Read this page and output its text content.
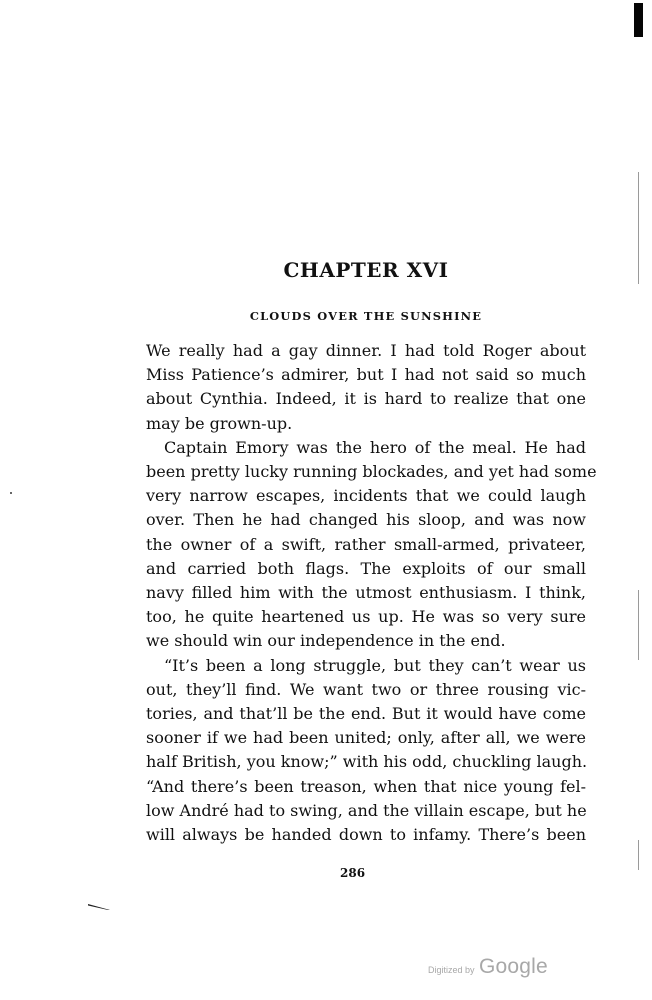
CHAPTER XVI
CLOUDS OVER THE SUNSHINE

We really had a gay dinner. I had told Roger about
Miss Patience’s admirer, but I had not said so much
about Cynthia. Indeed, it is hard to realize that one
may be grown-up.

Captain Emory was the hero of the meal. He had
been pretty lucky running blockades, and yet had some
very narrow escapes, incidents that we could laugh
over. Then he had changed his sloop, and was now
the owner of a swift, rather small-armed, privateer,
and carried both flags. The exploits of our small
navy filled him with the utmost enthusiasm. I think,
too, he quite heartened us up. He was so very sure
we should win our independence in the end.

“It’s been a long struggle, but they can’t wear us
out, they’ll find. We want two or three rousing vic-
tories, and that’ll be the end. But it would have come
sooner if we had been united; only, after all, we were
half British, you know;” with his odd, chuckling laugh.
“And there’s been treason, when that nice young fel-
low André had to swing, and the villain escape, but he
will always be handed down to infamy. There’s been

286
Digitized by Google
